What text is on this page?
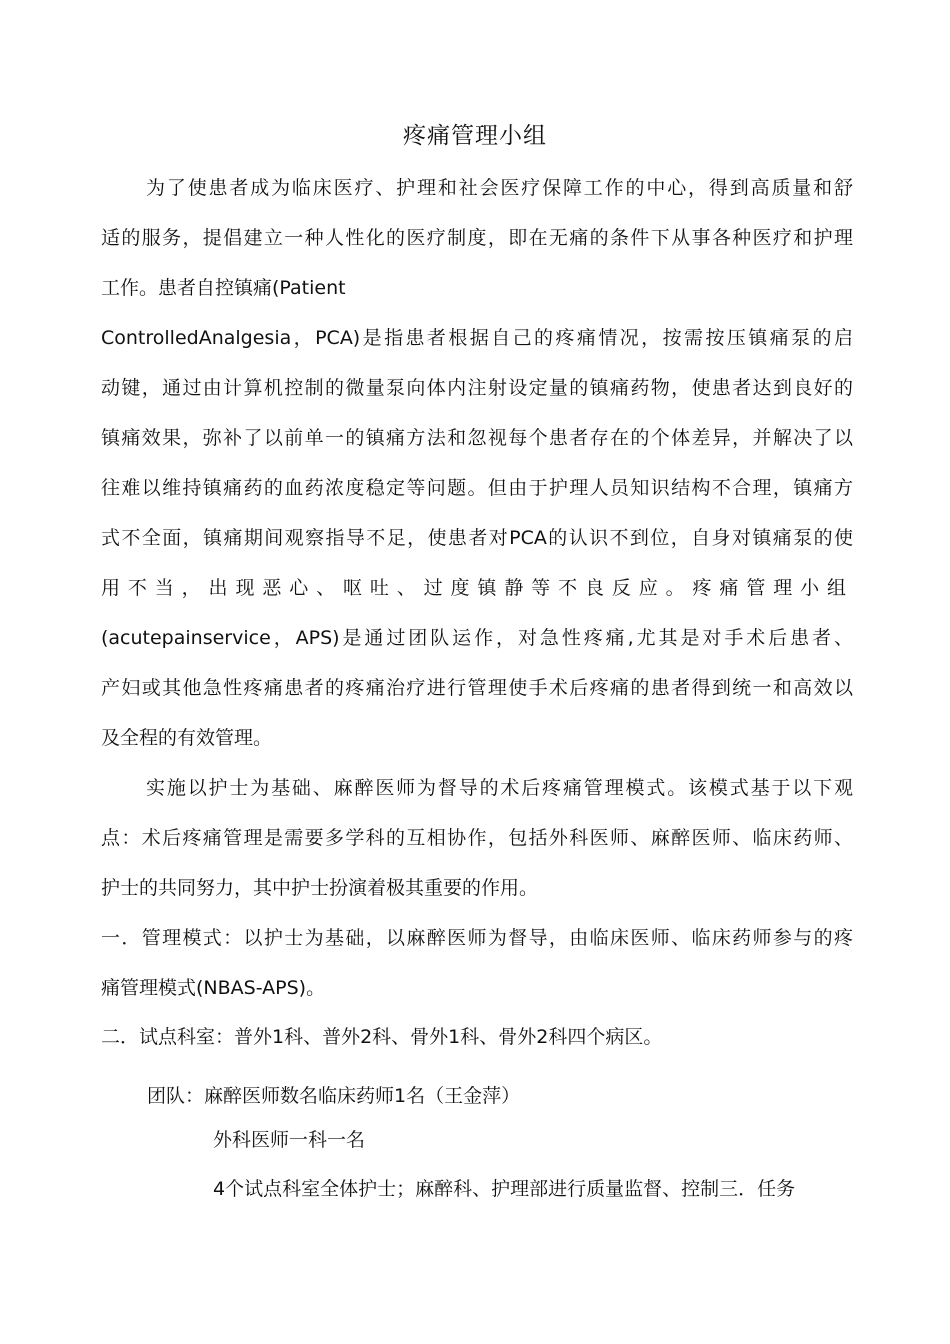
疼痛管理小组
为了使患者成为临床医疗、护理和社会医疗保障工作的中心，得到高质量和舒
适的服务，提倡建立一种人性化的医疗制度，即在无痛的条件下从事各种医疗和护理
工作。患者自控镇痛(Patient
ControlledAnalgesia，PCA)是指患者根据自己的疼痛情况，按需按压镇痛泵的启
动键，通过由计算机控制的微量泵向体内注射设定量的镇痛药物，使患者达到良好的
镇痛效果，弥补了以前单一的镇痛方法和忽视每个患者存在的个体差异，并解决了以
往难以维持镇痛药的血药浓度稳定等问题。但由于护理人员知识结构不合理，镇痛方
式不全面，镇痛期间观察指导不足，使患者对PCA的认识不到位，自身对镇痛泵的使
用不当，出现恶心、呕吐、过度镇静等不良反应。疼痛管理小组
(acutepainservice，APS)是通过团队运作，对急性疼痛,尤其是对手术后患者、
产妇或其他急性疼痛患者的疼痛治疗进行管理使手术后疼痛的患者得到统一和高效以
及全程的有效管理。
实施以护士为基础、麻醉医师为督导的术后疼痛管理模式。该模式基于以下观
点：术后疼痛管理是需要多学科的互相协作，包括外科医师、麻醉医师、临床药师、
护士的共同努力，其中护士扮演着极其重要的作用。
一．管理模式：以护士为基础，以麻醉医师为督导，由临床医师、临床药师参与的疼
痛管理模式(NBAS-APS)。
二．试点科室：普外1科、普外2科、骨外1科、骨外2科四个病区。

团队：麻醉医师数名临床药师1名（王金萍）

外科医师一科一名

4个试点科室全体护士；麻醉科、护理部进行质量监督、控制三．任务
